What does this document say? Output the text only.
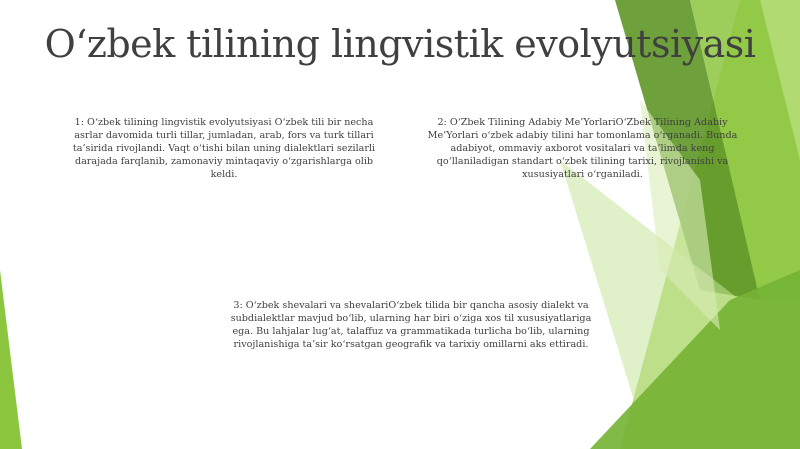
O‘zbek tilining lingvistik evolyutsiyasi

1: O‘zbek tilining lingvistik evolyutsiyasi O‘zbek tili bir necha asrlar davomida turli tillar, jumladan, arab, fors va turk tillari ta’sirida rivojlandi. Vaqt o‘tishi bilan uning dialektlari sezilarli darajada farqlanib, zamonaviy mintaqaviy o‘zgarishlarga olib keldi.

2: O‘Zbek Tilining Adabiy Me’YorlariO‘Zbek Tilining Adabiy Me’Yorlari o‘zbek adabiy tilini har tomonlama o‘rganadi. Bunda adabiyot, ommaviy axborot vositalari va ta’limda keng qo‘llaniladigan standart o‘zbek tilining tarixi, rivojlanishi va xususiyatlari o‘rganiladi.

3: O‘zbek shevalari va shevalariO‘zbek tilida bir qancha asosiy dialekt va subdialektlar mavjud bo‘lib, ularning har biri o‘ziga xos til xususiyatlariga ega. Bu lahjalar lug‘at, talaffuz va grammatikada turlicha bo‘lib, ularning rivojlanishiga ta’sir ko‘rsatgan geografik va tarixiy omillarni aks ettiradi.
